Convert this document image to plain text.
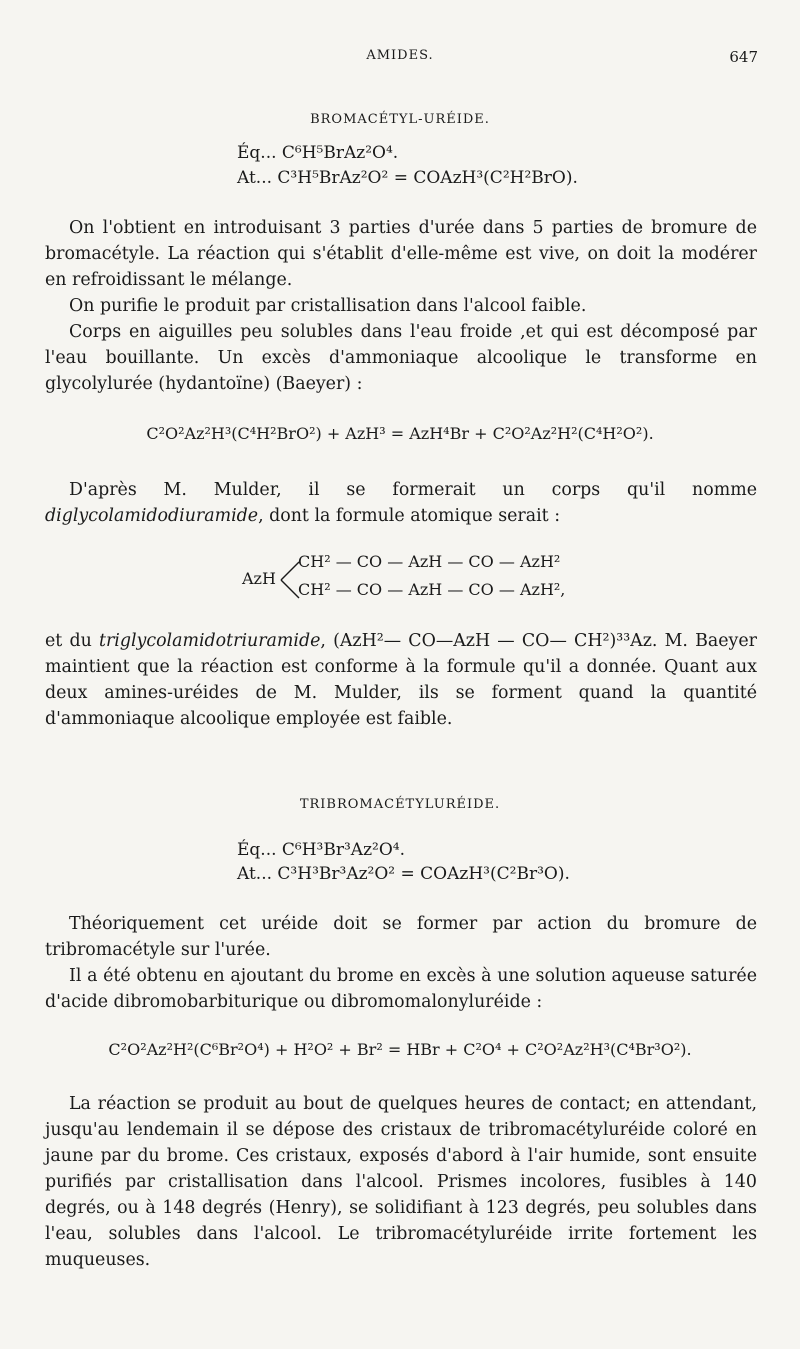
AMIDES.	647
BROMACÉTYL-URÉIDE.
Éq... C⁶H⁵BrAz²O⁴.
At... C³H⁵BrAz²O² = COAzH³(C²H²BrO).

On l'obtient en introduisant 3 parties d'urée dans 5 parties de bromure de bromacétyle. La réaction qui s'établit d'elle-même est vive, on doit la modérer en refroidissant le mélange.

On purifie le produit par cristallisation dans l'alcool faible.

Corps en aiguilles peu solubles dans l'eau froide ,et qui est décomposé par l'eau bouillante. Un excès d'ammoniaque alcoolique le transforme en glycolylurée (hydantoïne) (Baeyer) :

C²O²Az²H³(C⁴H²BrO²) + AzH³ = AzH⁴Br + C²O²Az²H²(C⁴H²O²).

D'après M. Mulder, il se formerait un corps qu'il nomme diglycolamidodiuramide, dont la formule atomique serait :

AzH
CH² — CO — AzH — CO — AzH²
CH² — CO — AzH — CO — AzH²,

et du triglycolamidotriuramide, (AzH²— CO—AzH — CO— CH²)³³Az. M. Baeyer maintient que la réaction est conforme à la formule qu'il a donnée. Quant aux deux amines-uréides de M. Mulder, ils se forment quand la quantité d'ammoniaque alcoolique employée est faible.

TRIBROMACÉTYLURÉIDE.
Éq... C⁶H³Br³Az²O⁴.
At... C³H³Br³Az²O² = COAzH³(C²Br³O).

Théoriquement cet uréide doit se former par action du bromure de tribromacétyle sur l'urée.

Il a été obtenu en ajoutant du brome en excès à une solution aqueuse saturée d'acide dibromobarbiturique ou dibromomalonyluréide :

C²O²Az²H²(C⁶Br²O⁴) + H²O² + Br² = HBr + C²O⁴ + C²O²Az²H³(C⁴Br³O²).

La réaction se produit au bout de quelques heures de contact; en attendant, jusqu'au lendemain il se dépose des cristaux de tribromacétyluréide coloré en jaune par du brome. Ces cristaux, exposés d'abord à l'air humide, sont ensuite purifiés par cristallisation dans l'alcool. Prismes incolores, fusibles à 140 degrés, ou à 148 degrés (Henry), se solidifiant à 123 degrés, peu solubles dans l'eau, solubles dans l'alcool. Le tribromacétyluréide irrite fortement les muqueuses.
